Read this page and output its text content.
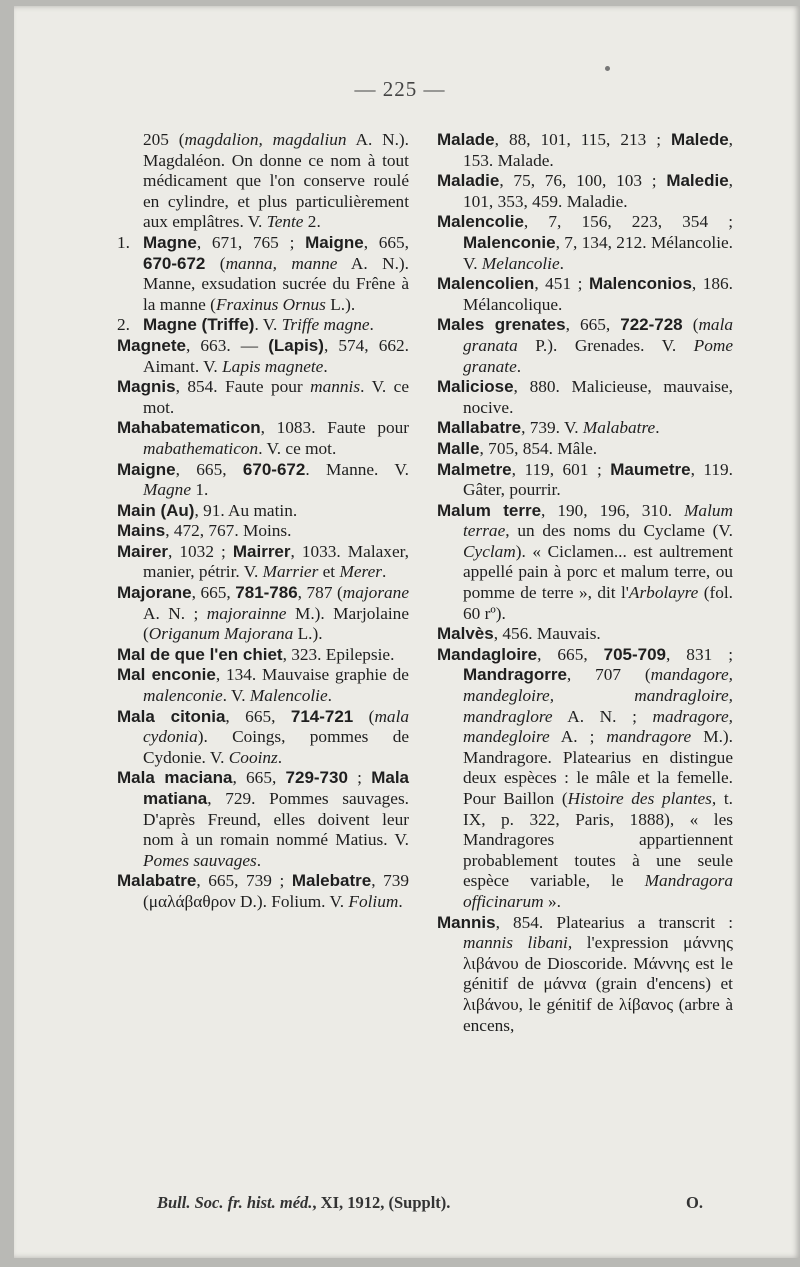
— 225 —

205 (magdalion, magdaliun A. N.). Magdaléon. On donne ce nom à tout médicament que l'on conserve roulé en cylindre, et plus particulièrement aux emplâtres. V. Tente 2.

1. Magne, 671, 765 ; Maigne, 665, 670-672 (manna, manne A. N.). Manne, exsudation sucrée du Frêne à la manne (Fraxinus Ornus L.).

2. Magne (Triffe). V. Triffe magne.

Magnete, 663. — (Lapis), 574, 662. Aimant. V. Lapis magnete.

Magnis, 854. Faute pour mannis. V. ce mot.

Mahabatematicon, 1083. Faute pour mabathematicon. V. ce mot.

Maigne, 665, 670-672. Manne. V. Magne 1.

Main (Au), 91. Au matin.

Mains, 472, 767. Moins.

Mairer, 1032 ; Mairrer, 1033. Malaxer, manier, pétrir. V. Marrier et Merer.

Majorane, 665, 781-786, 787 (majorane A. N. ; majorainne M.). Marjolaine (Origanum Majorana L.).

Mal de que l'en chiet, 323. Epilepsie.

Mal enconie, 134. Mauvaise graphie de malenconie. V. Malencolie.

Mala citonia, 665, 714-721 (mala cydonia). Coings, pommes de Cydonie. V. Cooinz.

Mala maciana, 665, 729-730 ; Mala matiana, 729. Pommes sauvages. D'après Freund, elles doivent leur nom à un romain nommé Matius. V. Pomes sauvages.

Malabatre, 665, 739 ; Malebatre, 739 (μαλάβαθρον D.). Folium. V. Folium.

Malade, 88, 101, 115, 213 ; Malede, 153. Malade.

Maladie, 75, 76, 100, 103 ; Maledie, 101, 353, 459. Maladie.

Malencolie, 7, 156, 223, 354 ; Malenconie, 7, 134, 212. Mélancolie. V. Melancolie.

Malencolien, 451 ; Malenconios, 186. Mélancolique.

Males grenates, 665, 722-728 (mala granata P.). Grenades. V. Pome granate.

Maliciose, 880. Malicieuse, mauvaise, nocive.

Mallabatre, 739. V. Malabatre.

Malle, 705, 854. Mâle.

Malmetre, 119, 601 ; Maumetre, 119. Gâter, pourrir.

Malum terre, 190, 196, 310. Malum terrae, un des noms du Cyclame (V. Cyclam). « Ciclamen... est aultrement appellé pain à porc et malum terre, ou pomme de terre », dit l'Arbolayre (fol. 60 rº).

Malvès, 456. Mauvais.

Mandagloire, 665, 705-709, 831 ; Mandragorre, 707 (mandagore, mandegloire, mandragloire, mandraglore A. N. ; madragore, mandegloire A. ; mandragore M.). Mandragore. Platearius en distingue deux espèces : le mâle et la femelle. Pour Baillon (Histoire des plantes, t. IX, p. 322, Paris, 1888), « les Mandragores appartiennent probablement toutes à une seule espèce variable, le Mandragora officinarum ».

Mannis, 854. Platearius a transcrit : mannis libani, l'expression μάννης λιβάνου de Dioscoride. Μάννης est le génitif de μάννα (grain d'encens) et λιβάνου, le génitif de λίβανος (arbre à encens,

Bull. Soc. fr. hist. méd., XI, 1912, (Supplt).	O.
